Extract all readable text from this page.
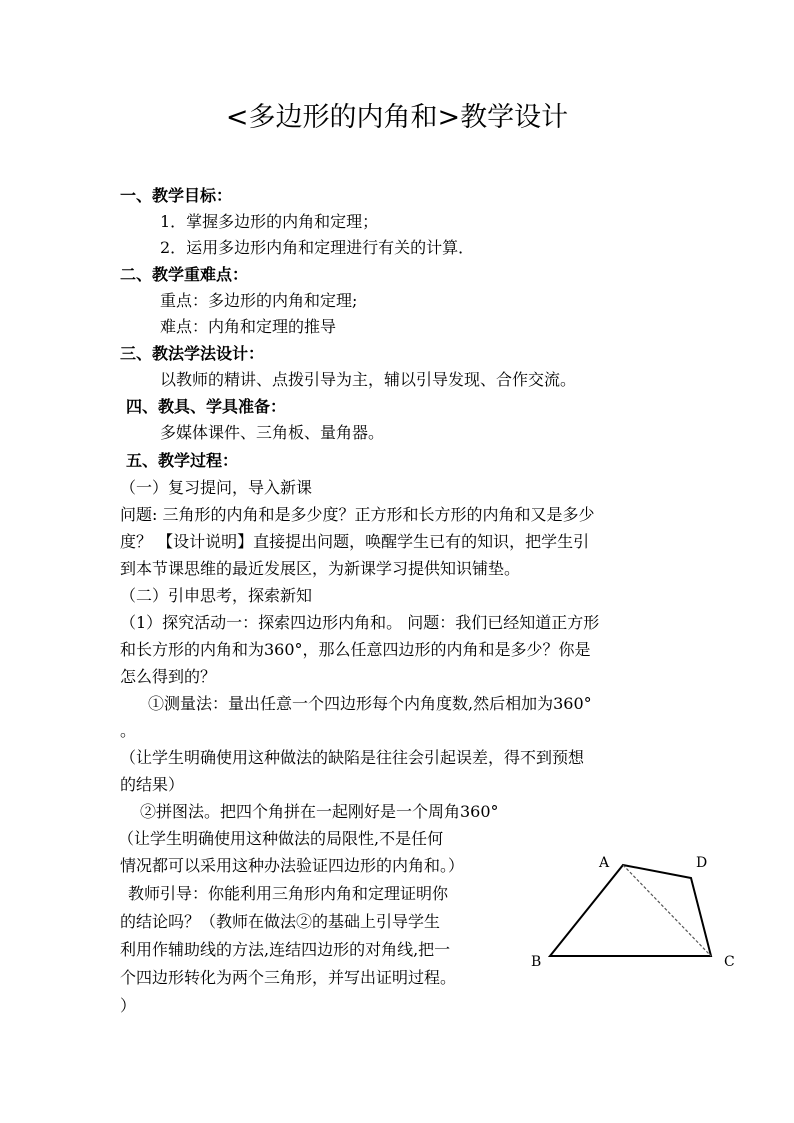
<多边形的内角和>教学设计
一、教学目标：
1．掌握多边形的内角和定理；
2．运用多边形内角和定理进行有关的计算．
二、教学重难点：
重点：多边形的内角和定理;
难点：内角和定理的推导
三、教法学法设计：
以教师的精讲、点拨引导为主，辅以引导发现、合作交流。
四、教具、学具准备：
多媒体课件、三角板、量角器。
五、教学过程：
（一）复习提问，导入新课
问题: 三角形的内角和是多少度？正方形和长方形的内角和又是多少
度？ 【设计说明】直接提出问题，唤醒学生已有的知识，把学生引
到本节课思维的最近发展区，为新课学习提供知识铺垫。
（二）引申思考，探索新知
（1）探究活动一：探索四边形内角和。 问题：我们已经知道正方形
和长方形的内角和为360°，那么任意四边形的内角和是多少？你是
怎么得到的？
①测量法：量出任意一个四边形每个内角度数,然后相加为360°
。
（让学生明确使用这种做法的缺陷是往往会引起误差，得不到预想
的结果）
②拼图法。把四个角拼在一起刚好是一个周角360°
（让学生明确使用这种做法的局限性,不是任何
情况都可以采用这种办法验证四边形的内角和。）
教师引导：你能利用三角形内角和定理证明你
的结论吗？（教师在做法②的基础上引导学生
利用作辅助线的方法,连结四边形的对角线,把一
个四边形转化为两个三角形，并写出证明过程。
）
A	D
B	C
